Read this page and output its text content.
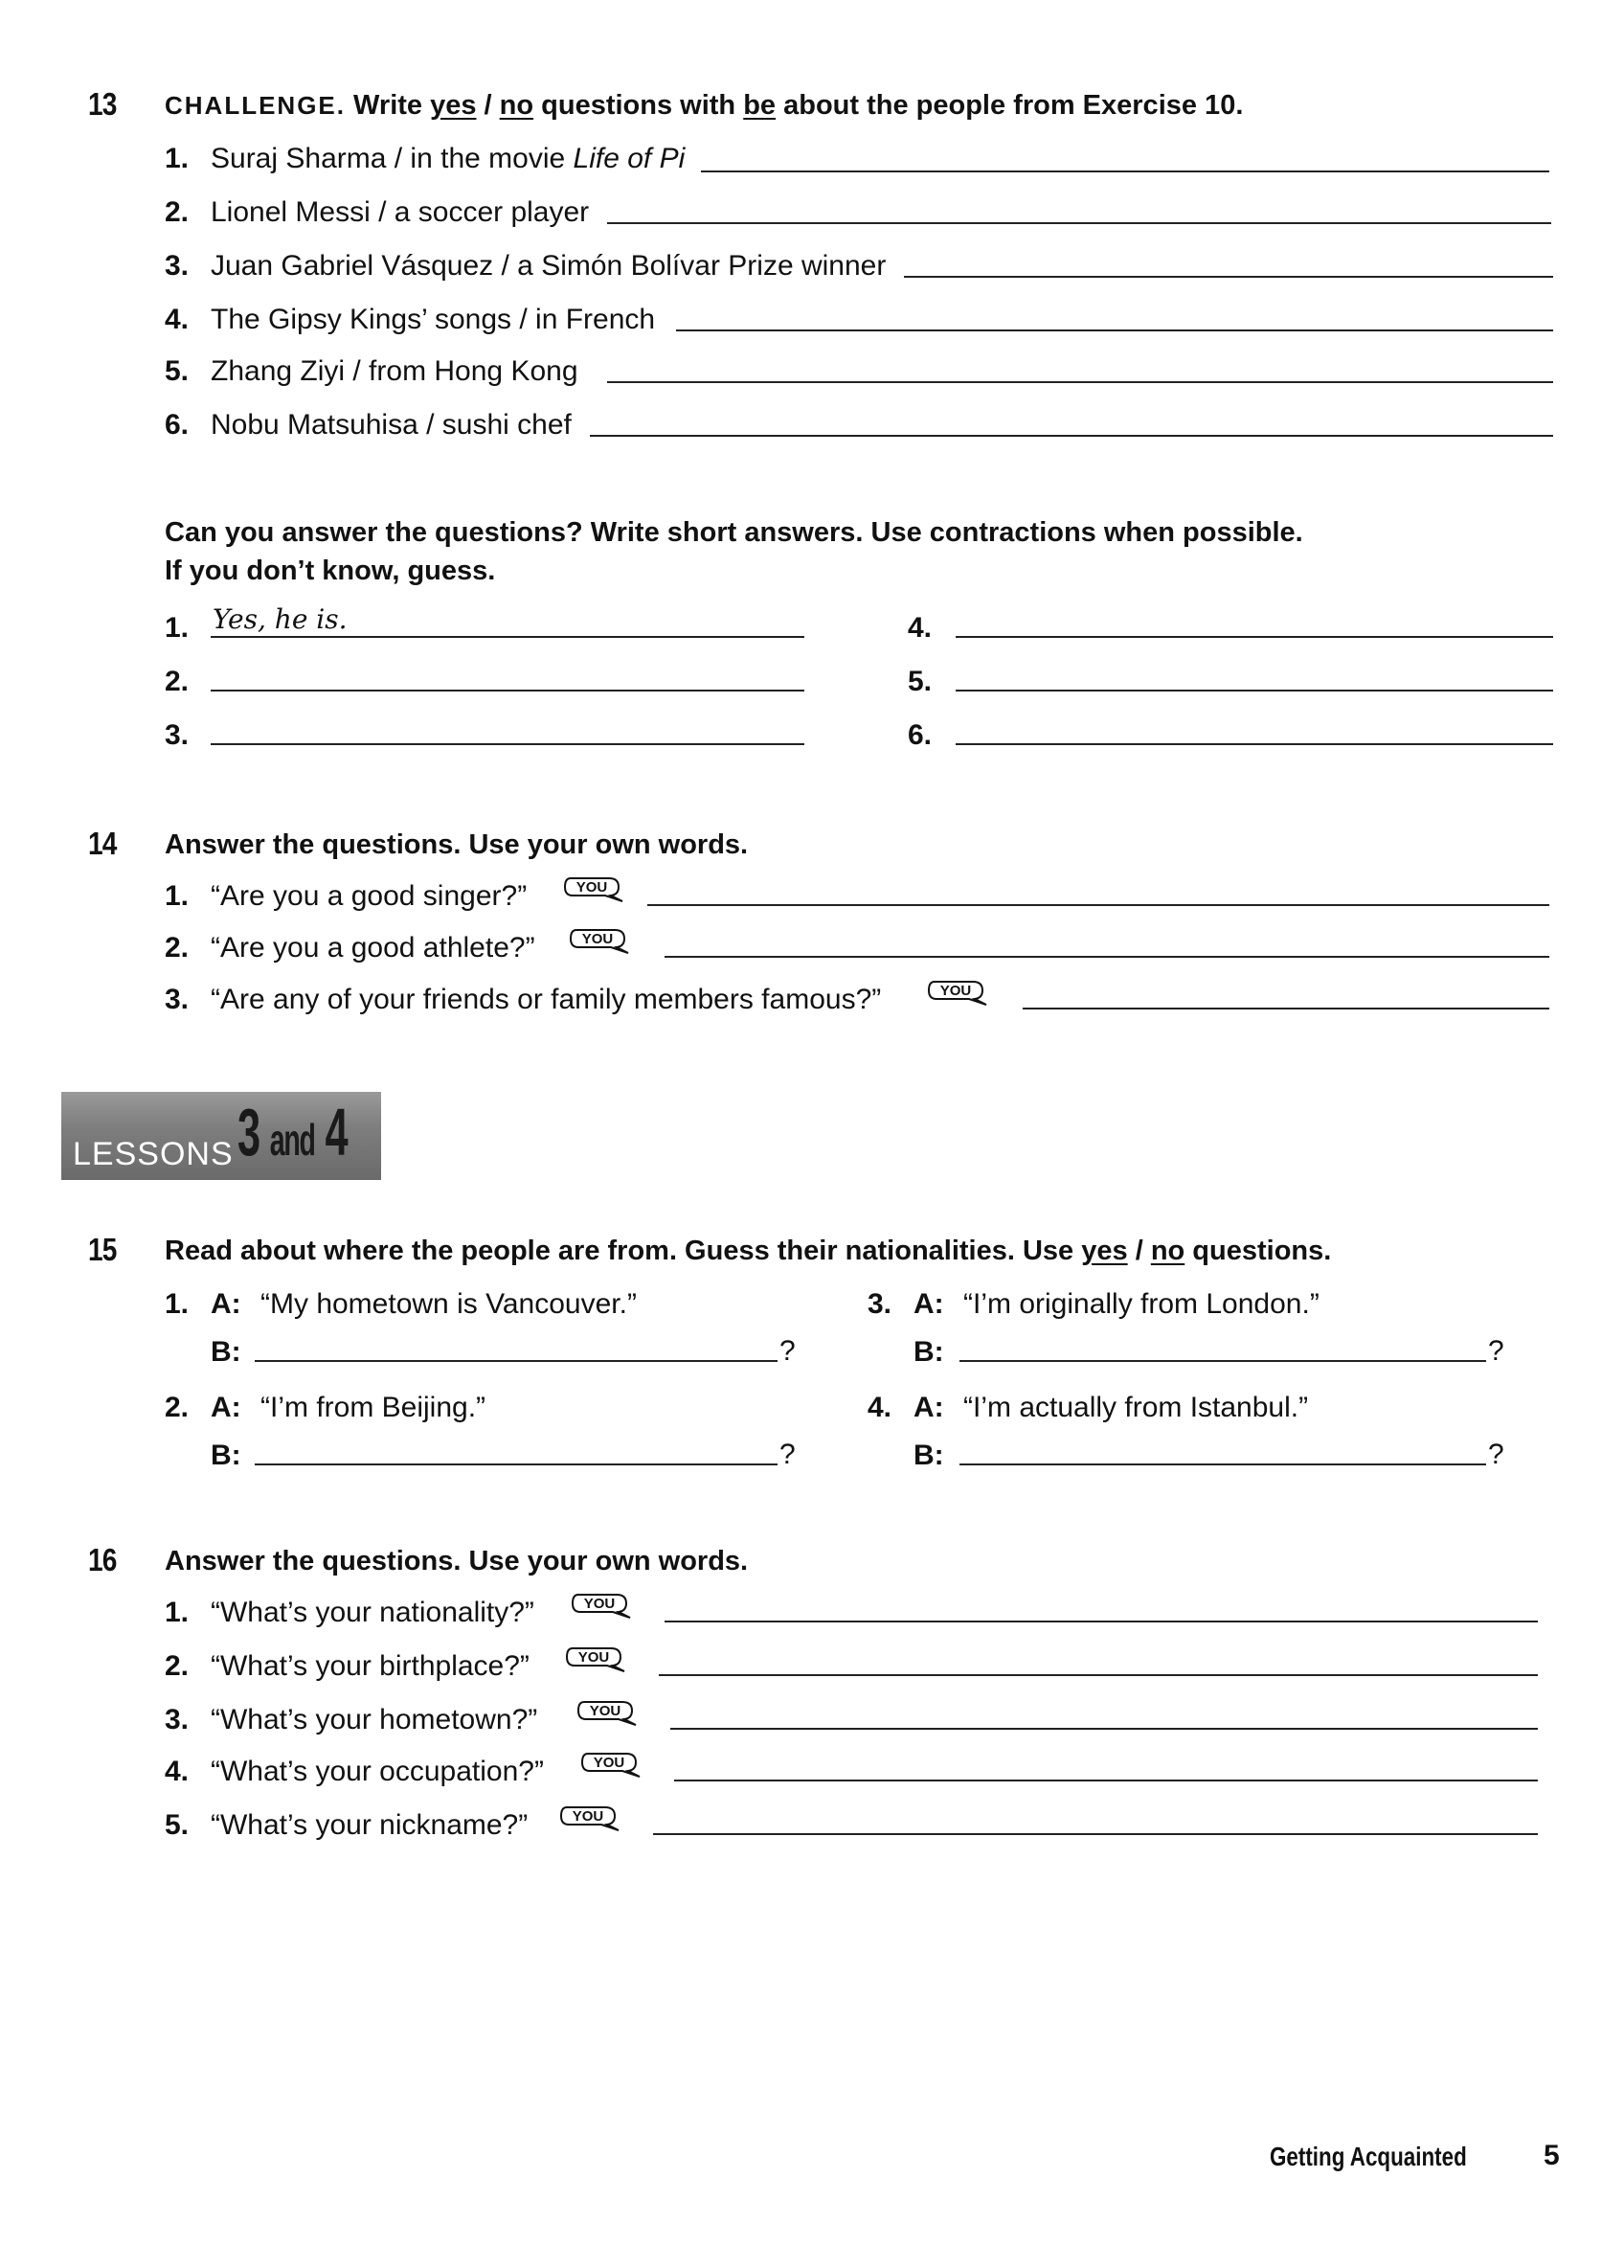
13 CHALLENGE. Write yes / no questions with be about the people from Exercise 10.
1. Suraj Sharma / in the movie Life of Pi
2. Lionel Messi / a soccer player
3. Juan Gabriel Vásquez / a Simón Bolívar Prize winner
4. The Gipsy Kings’ songs / in French
5. Zhang Ziyi / from Hong Kong
6. Nobu Matsuhisa / sushi chef
Can you answer the questions? Write short answers. Use contractions when possible.
If you don’t know, guess.
1. Yes, he is.
2.
3.
4.
5.
6.
14 Answer the questions. Use your own words.
1. “Are you a good singer?”	YOU
2. “Are you a good athlete?”	YOU
3. “Are any of your friends or family members famous?”	YOU
LESSONS 3 and 4
15 Read about where the people are from. Guess their nationalities. Use yes / no questions.
1. A: “My hometown is Vancouver.”
B:	?
2. A: “I’m from Beijing.”
B:	?
3. A: “I’m originally from London.”
B:	?
4. A: “I’m actually from Istanbul.”
B:	?
16 Answer the questions. Use your own words.
1. “What’s your nationality?”	YOU
2. “What’s your birthplace?”	YOU
3. “What’s your hometown?”	YOU
4. “What’s your occupation?”	YOU
5. “What’s your nickname?”	YOU
Getting Acquainted	5
